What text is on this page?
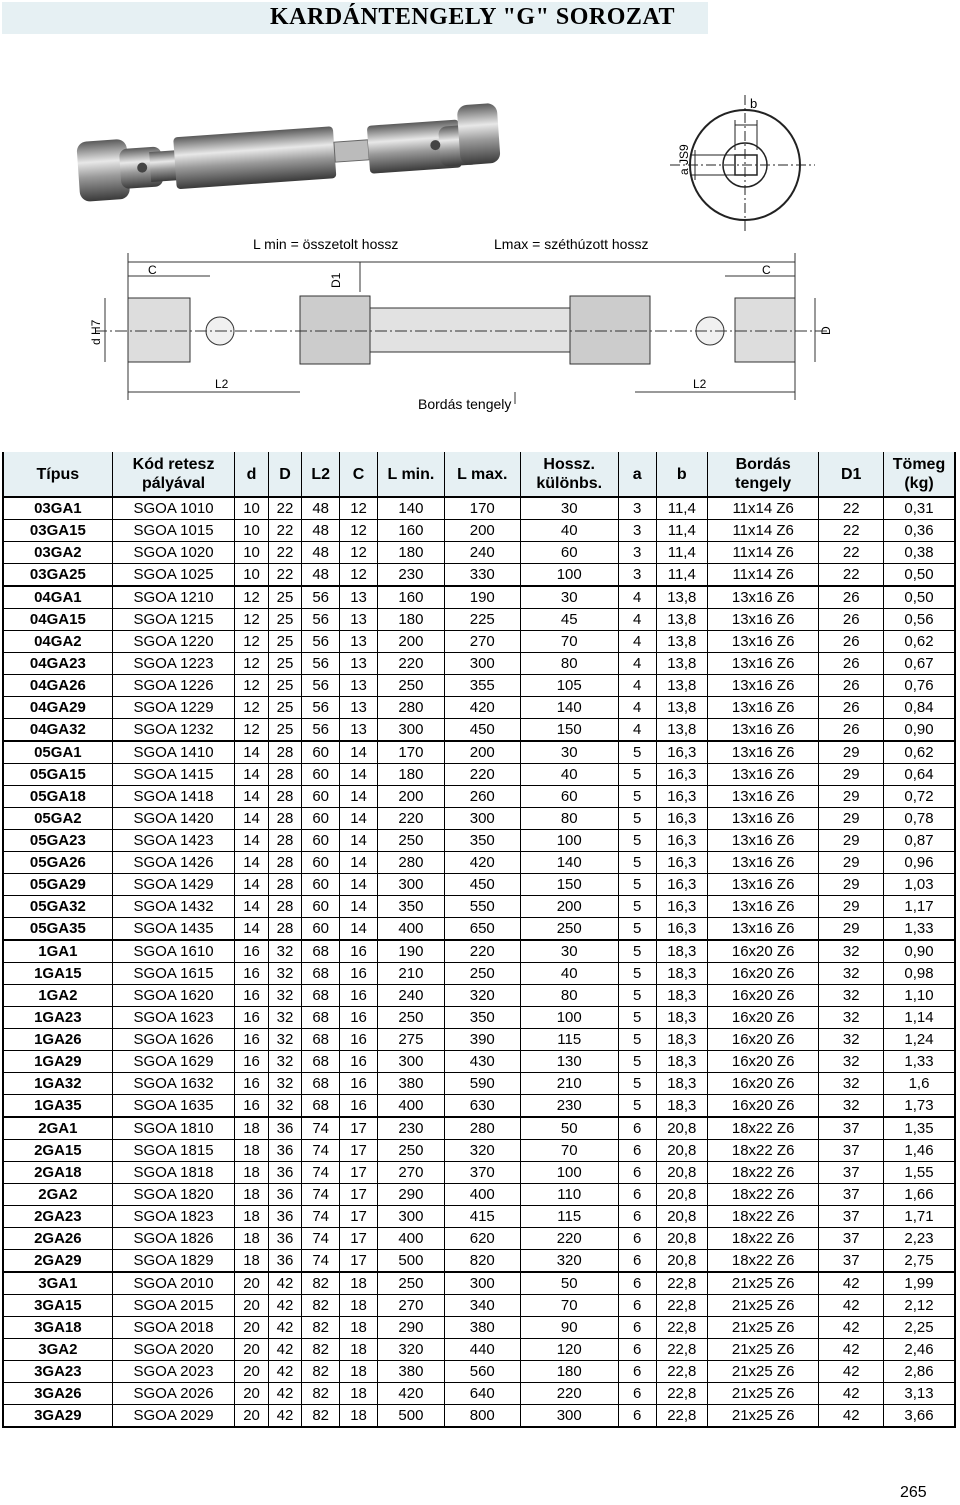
KARDÁNTENGELY "G" SOROZAT
b
a JS9
C	C
D1
d H7	D
L2	L2
L min = összetolt hossz	Lmax = széthúzott hossz
Bordás tengely
Típus	Kód retesz pályával	d	D	L2	C	L min.	L max.	Hossz. különbs.	a	b	Bordás tengely	D1	Tömeg (kg)
03GA1	SGOA 1010	10	22	48	12	140	170	30	3	11,4	11x14 Z6	22	0,31
03GA15	SGOA 1015	10	22	48	12	160	200	40	3	11,4	11x14 Z6	22	0,36
03GA2	SGOA 1020	10	22	48	12	180	240	60	3	11,4	11x14 Z6	22	0,38
03GA25	SGOA 1025	10	22	48	12	230	330	100	3	11,4	11x14 Z6	22	0,50
04GA1	SGOA 1210	12	25	56	13	160	190	30	4	13,8	13x16 Z6	26	0,50
04GA15	SGOA 1215	12	25	56	13	180	225	45	4	13,8	13x16 Z6	26	0,56
04GA2	SGOA 1220	12	25	56	13	200	270	70	4	13,8	13x16 Z6	26	0,62
04GA23	SGOA 1223	12	25	56	13	220	300	80	4	13,8	13x16 Z6	26	0,67
04GA26	SGOA 1226	12	25	56	13	250	355	105	4	13,8	13x16 Z6	26	0,76
04GA29	SGOA 1229	12	25	56	13	280	420	140	4	13,8	13x16 Z6	26	0,84
04GA32	SGOA 1232	12	25	56	13	300	450	150	4	13,8	13x16 Z6	26	0,90
05GA1	SGOA 1410	14	28	60	14	170	200	30	5	16,3	13x16 Z6	29	0,62
05GA15	SGOA 1415	14	28	60	14	180	220	40	5	16,3	13x16 Z6	29	0,64
05GA18	SGOA 1418	14	28	60	14	200	260	60	5	16,3	13x16 Z6	29	0,72
05GA2	SGOA 1420	14	28	60	14	220	300	80	5	16,3	13x16 Z6	29	0,78
05GA23	SGOA 1423	14	28	60	14	250	350	100	5	16,3	13x16 Z6	29	0,87
05GA26	SGOA 1426	14	28	60	14	280	420	140	5	16,3	13x16 Z6	29	0,96
05GA29	SGOA 1429	14	28	60	14	300	450	150	5	16,3	13x16 Z6	29	1,03
05GA32	SGOA 1432	14	28	60	14	350	550	200	5	16,3	13x16 Z6	29	1,17
05GA35	SGOA 1435	14	28	60	14	400	650	250	5	16,3	13x16 Z6	29	1,33
1GA1	SGOA 1610	16	32	68	16	190	220	30	5	18,3	16x20 Z6	32	0,90
1GA15	SGOA 1615	16	32	68	16	210	250	40	5	18,3	16x20 Z6	32	0,98
1GA2	SGOA 1620	16	32	68	16	240	320	80	5	18,3	16x20 Z6	32	1,10
1GA23	SGOA 1623	16	32	68	16	250	350	100	5	18,3	16x20 Z6	32	1,14
1GA26	SGOA 1626	16	32	68	16	275	390	115	5	18,3	16x20 Z6	32	1,24
1GA29	SGOA 1629	16	32	68	16	300	430	130	5	18,3	16x20 Z6	32	1,33
1GA32	SGOA 1632	16	32	68	16	380	590	210	5	18,3	16x20 Z6	32	1,6
1GA35	SGOA 1635	16	32	68	16	400	630	230	5	18,3	16x20 Z6	32	1,73
2GA1	SGOA 1810	18	36	74	17	230	280	50	6	20,8	18x22 Z6	37	1,35
2GA15	SGOA 1815	18	36	74	17	250	320	70	6	20,8	18x22 Z6	37	1,46
2GA18	SGOA 1818	18	36	74	17	270	370	100	6	20,8	18x22 Z6	37	1,55
2GA2	SGOA 1820	18	36	74	17	290	400	110	6	20,8	18x22 Z6	37	1,66
2GA23	SGOA 1823	18	36	74	17	300	415	115	6	20,8	18x22 Z6	37	1,71
2GA26	SGOA 1826	18	36	74	17	400	620	220	6	20,8	18x22 Z6	37	2,23
2GA29	SGOA 1829	18	36	74	17	500	820	320	6	20,8	18x22 Z6	37	2,75
3GA1	SGOA 2010	20	42	82	18	250	300	50	6	22,8	21x25 Z6	42	1,99
3GA15	SGOA 2015	20	42	82	18	270	340	70	6	22,8	21x25 Z6	42	2,12
3GA18	SGOA 2018	20	42	82	18	290	380	90	6	22,8	21x25 Z6	42	2,25
3GA2	SGOA 2020	20	42	82	18	320	440	120	6	22,8	21x25 Z6	42	2,46
3GA23	SGOA 2023	20	42	82	18	380	560	180	6	22,8	21x25 Z6	42	2,86
3GA26	SGOA 2026	20	42	82	18	420	640	220	6	22,8	21x25 Z6	42	3,13
3GA29	SGOA 2029	20	42	82	18	500	800	300	6	22,8	21x25 Z6	42	3,66
265
